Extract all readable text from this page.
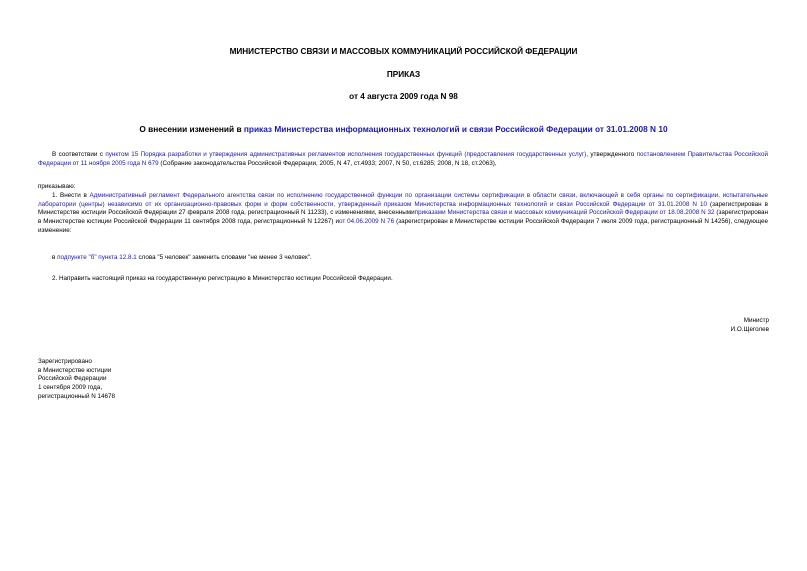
МИНИСТЕРСТВО СВЯЗИ И МАССОВЫХ КОММУНИКАЦИЙ РОССИЙСКОЙ ФЕДЕРАЦИИ
ПРИКАЗ
от 4 августа 2009 года N 98
О внесении изменений в приказ Министерства информационных технологий и связи Российской Федерации от 31.01.2008 N 10
В соответствии с пунктом 15 Порядка разработки и утверждения административных регламентов исполнения государственных функций (предоставления государственных услуг), утвержденного постановлением Правительства Российской Федерации от 11 ноября 2005 года N 679 (Собрание законодательства Российской Федерации, 2005, N 47, ст.4933; 2007, N 50, ст.6285; 2008, N 18, ст.2063),
приказываю:
1. Внести в Административный регламент Федерального агентства связи по исполнению государственной функции по организации системы сертификации в области связи, включающей в себя органы по сертификации, испытательные лаборатории (центры) независимо от их организационно-правовых форм и форм собственности, утвержденный приказом Министерства информационных технологий и связи Российской Федерации от 31.01.2008 N 10 (зарегистрирован в Министерстве юстиции Российской Федерации 27 февраля 2008 года, регистрационный N 11233), с изменениями, внесеннымиприказами Министерства связи и массовых коммуникаций Российской Федерации от 18.08.2008 N 32 (зарегистрирован в Министерстве юстиции Российской Федерации 11 сентября 2008 года, регистрационный N 12267) иот 04.06.2009 N 76 (зарегистрирован в Министерстве юстиции Российской Федерации 7 июля 2009 года, регистрационный N 14256), следующее изменение:
в подпункте "б" пункта 12.8.1 слова "5 человек" заменить словами "не менее 3 человек".
2. Направить настоящий приказ на государственную регистрацию в Министерство юстиции Российской Федерации.
Министр
И.О.Щеголев
Зарегистрировано
в Министерстве юстиции
Российской Федерации
1 сентября 2009 года,
регистрационный N 14678
